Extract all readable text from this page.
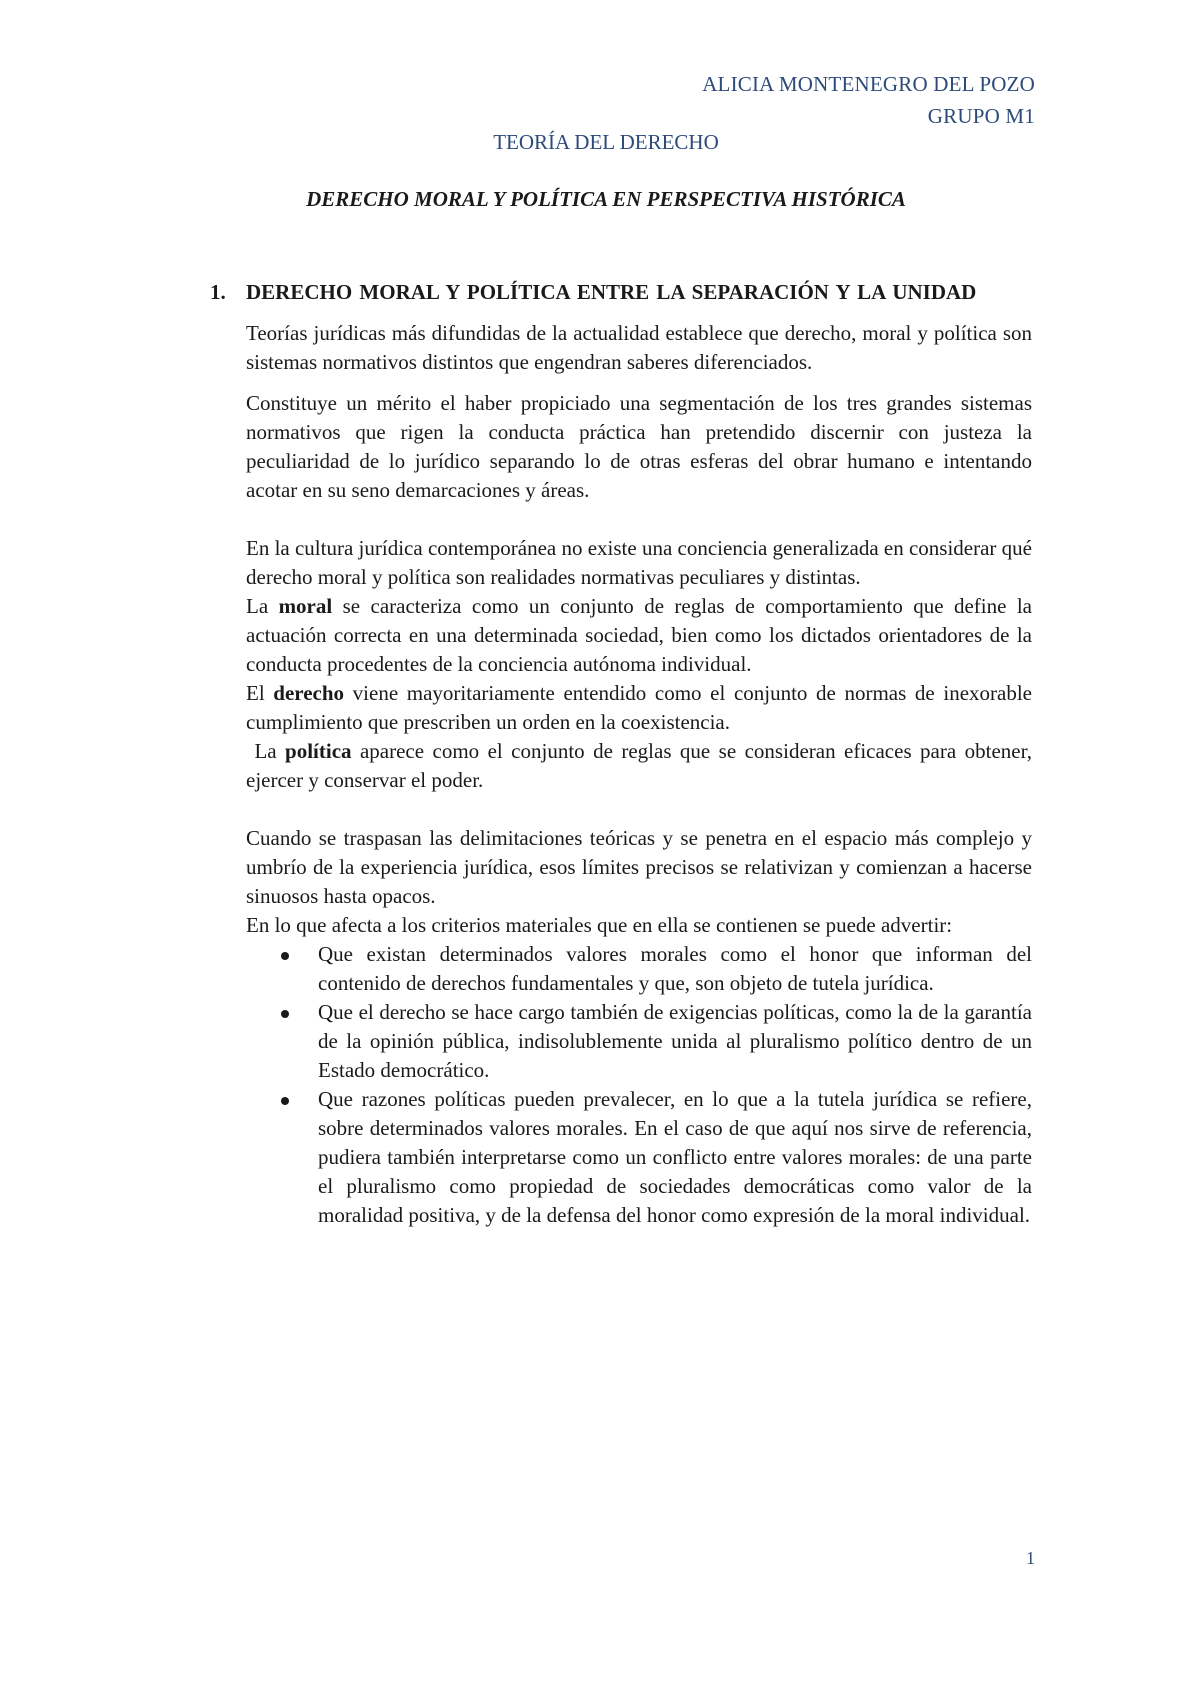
ALICIA MONTENEGRO DEL POZO
GRUPO M1
TEORÍA DEL DERECHO
DERECHO MORAL Y POLÍTICA EN PERSPECTIVA HISTÓRICA
1. DERECHO MORAL Y POLÍTICA ENTRE LA SEPARACIÓN Y LA UNIDAD

Teorías jurídicas más difundidas de la actualidad establece que derecho, moral y política son sistemas normativos distintos que engendran saberes diferenciados.

Constituye un mérito el haber propiciado una segmentación de los tres grandes sistemas normativos que rigen la conducta práctica han pretendido discernir con justeza la peculiaridad de lo jurídico separando lo de otras esferas del obrar humano e intentando acotar en su seno demarcaciones y áreas.

En la cultura jurídica contemporánea no existe una conciencia generalizada en considerar qué derecho moral y política son realidades normativas peculiares y distintas.

La moral se caracteriza como un conjunto de reglas de comportamiento que define la actuación correcta en una determinada sociedad, bien como los dictados orientadores de la conducta procedentes de la conciencia autónoma individual.

El derecho viene mayoritariamente entendido como el conjunto de normas de inexorable cumplimiento que prescriben un orden en la coexistencia.

La política aparece como el conjunto de reglas que se consideran eficaces para obtener, ejercer y conservar el poder.

Cuando se traspasan las delimitaciones teóricas y se penetra en el espacio más complejo y umbrío de la experiencia jurídica, esos límites precisos se relativizan y comienzan a hacerse sinuosos hasta opacos.

En lo que afecta a los criterios materiales que en ella se contienen se puede advertir:

Que existan determinados valores morales como el honor que informan del contenido de derechos fundamentales y que, son objeto de tutela jurídica.
Que el derecho se hace cargo también de exigencias políticas, como la de la garantía de la opinión pública, indisolublemente unida al pluralismo político dentro de un Estado democrático.
Que razones políticas pueden prevalecer, en lo que a la tutela jurídica se refiere, sobre determinados valores morales. En el caso de que aquí nos sirve de referencia, pudiera también interpretarse como un conflicto entre valores morales: de una parte el pluralismo como propiedad de sociedades democráticas como valor de la moralidad positiva, y de la defensa del honor como expresión de la moral individual.
1
